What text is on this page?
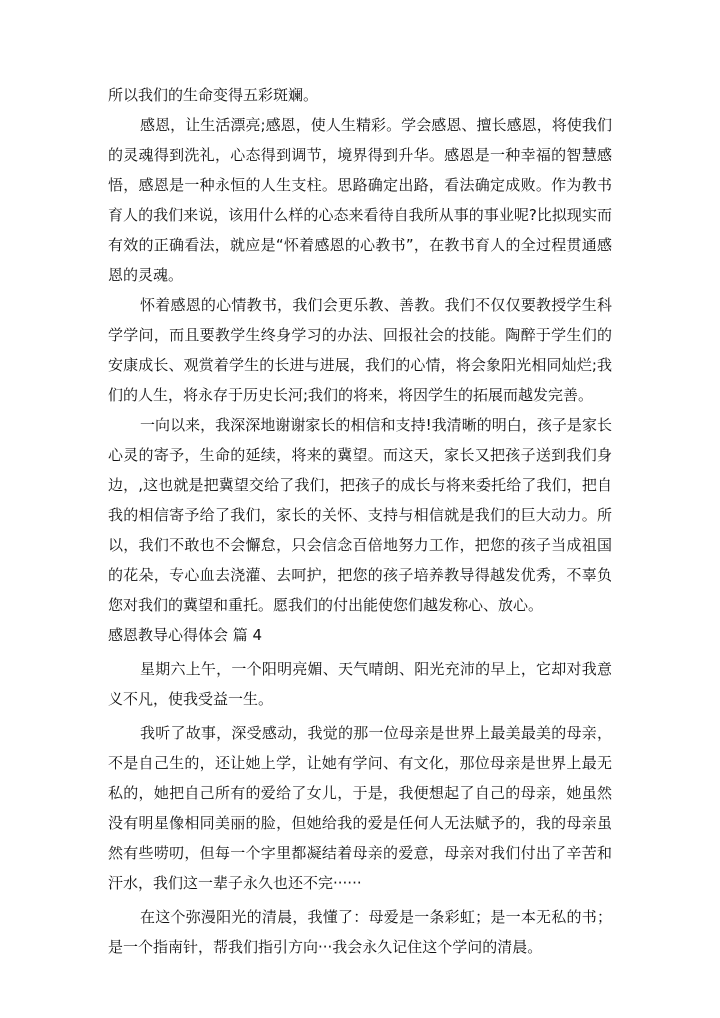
所以我们的生命变得五彩斑斓。

感恩，让生活漂亮;感恩，使人生精彩。学会感恩、擅长感恩，将使我们的灵魂得到洗礼，心态得到调节，境界得到升华。感恩是一种幸福的智慧感悟，感恩是一种永恒的人生支柱。思路确定出路，看法确定成败。作为教书育人的我们来说，该用什么样的心态来看待自我所从事的事业呢?比拟现实而有效的正确看法，就应是“怀着感恩的心教书”，在教书育人的全过程贯通感恩的灵魂。

怀着感恩的心情教书，我们会更乐教、善教。我们不仅仅要教授学生科学学问，而且要教学生终身学习的办法、回报社会的技能。陶醉于学生们的安康成长、观赏着学生的长进与进展，我们的心情，将会象阳光相同灿烂;我们的人生，将永存于历史长河;我们的将来，将因学生的拓展而越发完善。

一向以来，我深深地谢谢家长的相信和支持!我清晰的明白，孩子是家长心灵的寄予，生命的延续，将来的冀望。而这天，家长又把孩子送到我们身边，,这也就是把冀望交给了我们，把孩子的成长与将来委托给了我们，把自我的相信寄予给了我们，家长的关怀、支持与相信就是我们的巨大动力。所以，我们不敢也不会懈怠，只会信念百倍地努力工作，把您的孩子当成祖国的花朵，专心血去浇灌、去呵护，把您的孩子培养教导得越发优秀，不辜负您对我们的冀望和重托。愿我们的付出能使您们越发称心、放心。

感恩教导心得体会 篇 4

星期六上午，一个阳明亮媚、天气晴朗、阳光充沛的早上，它却对我意义不凡，使我受益一生。

我听了故事，深受感动，我觉的那一位母亲是世界上最美最美的母亲，不是自己生的，还让她上学，让她有学问、有文化，那位母亲是世界上最无私的，她把自己所有的爱给了女儿，于是，我便想起了自己的母亲，她虽然没有明星像相同美丽的脸，但她给我的爱是任何人无法赋予的，我的母亲虽然有些唠叨，但每一个字里都凝结着母亲的爱意，母亲对我们付出了辛苦和汗水，我们这一辈子永久也还不完······

在这个弥漫阳光的清晨，我懂了：母爱是一条彩虹；是一本无私的书；是一个指南针，帮我们指引方向···我会永久记住这个学问的清晨。
